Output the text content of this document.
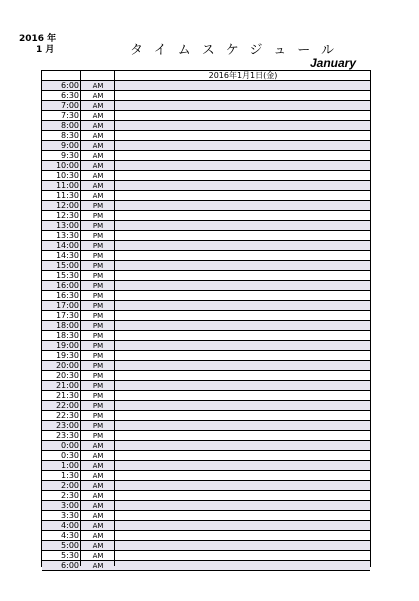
2016 年
1 月	タイムスケジュール
January
2016年1月1日(金)
6:00 AM
6:30 AM
7:00 AM
7:30 AM
8:00 AM
8:30 AM
9:00 AM
9:30 AM
10:00 AM
10:30 AM
11:00 AM
11:30 AM
12:00 PM
12:30 PM
13:00 PM
13:30 PM
14:00 PM
14:30 PM
15:00 PM
15:30 PM
16:00 PM
16:30 PM
17:00 PM
17:30 PM
18:00 PM
18:30 PM
19:00 PM
19:30 PM
20:00 PM
20:30 PM
21:00 PM
21:30 PM
22:00 PM
22:30 PM
23:00 PM
23:30 PM
0:00 AM
0:30 AM
1:00 AM
1:30 AM
2:00 AM
2:30 AM
3:00 AM
3:30 AM
4:00 AM
4:30 AM
5:00 AM
5:30 AM
6:00 AM
